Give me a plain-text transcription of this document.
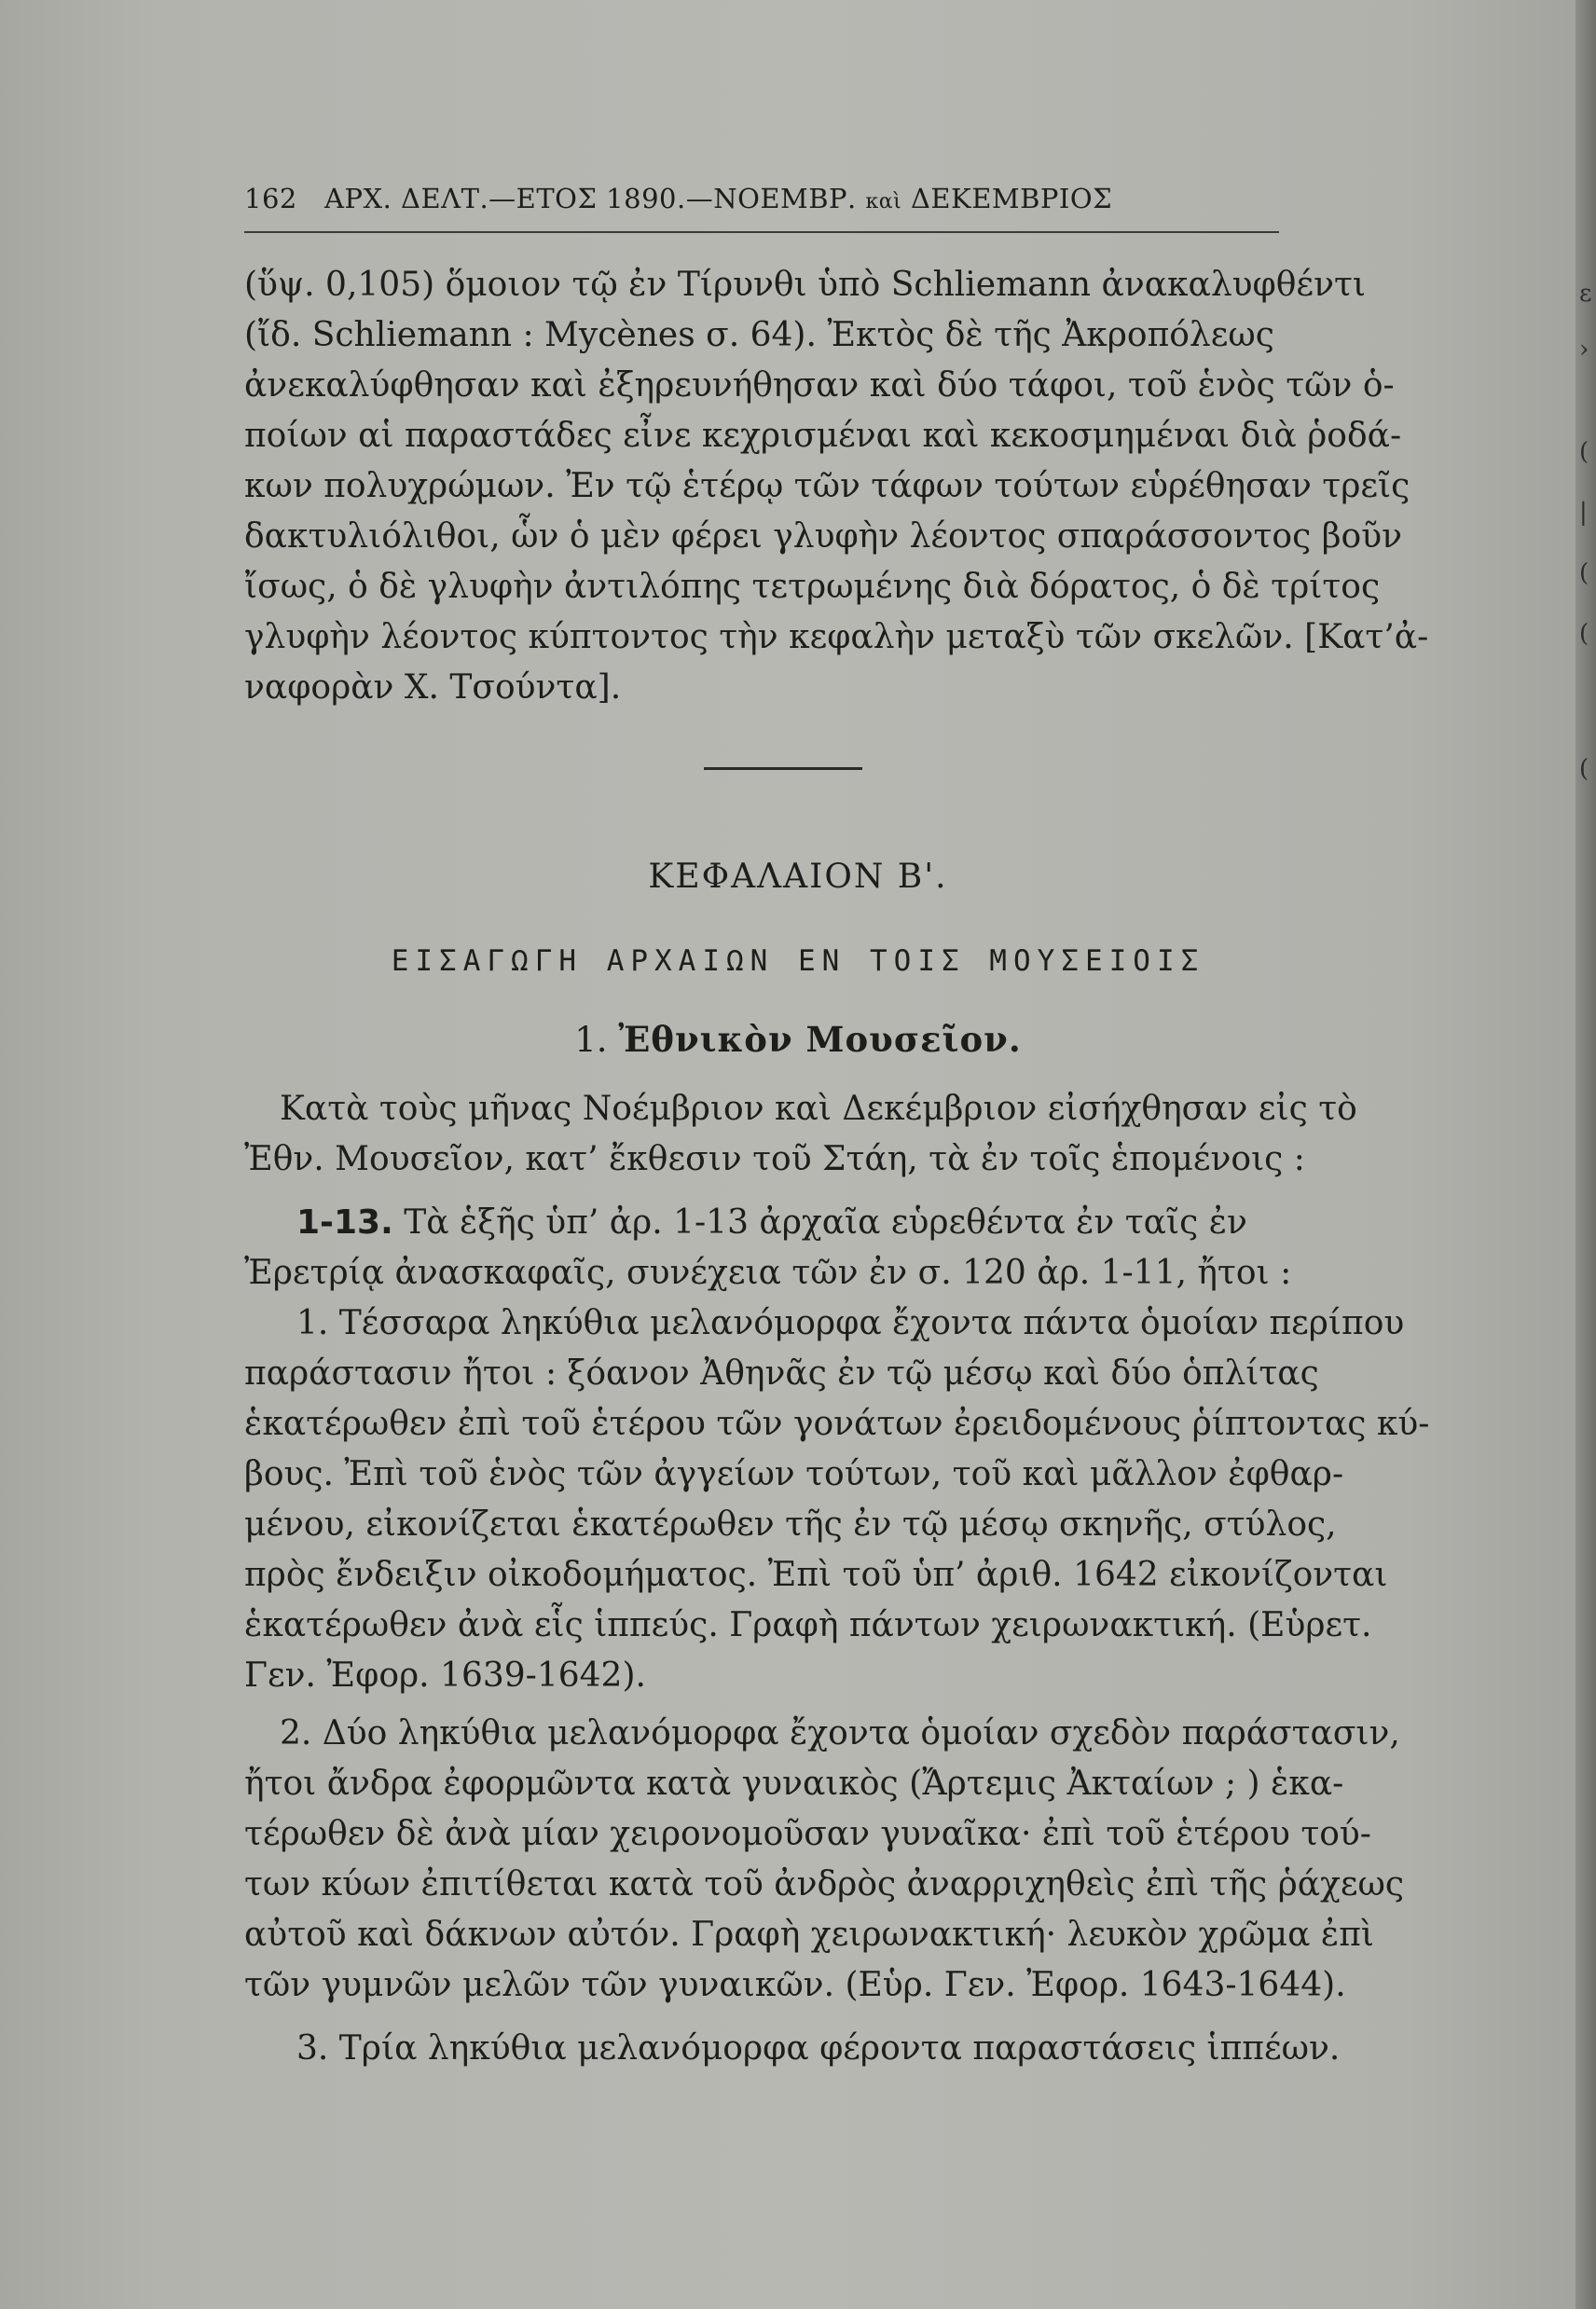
162 ΑΡΧ. ΔΕΛΤ.—ΕΤΟΣ 1890.—ΝΟΕΜΒΡ. καὶ ΔΕΚΕΜΒΡΙΟΣ
(ὕψ. 0,105) ὅμοιον τῷ ἐν Τίρυνθι ὑπὸ Schliemann ἀνακαλυφθέντι
(ἴδ. Schliemann : Mycènes σ. 64). Ἐκτὸς δὲ τῆς Ἀκροπόλεως
ἀνεκαλύφθησαν καὶ ἐξηρευνήθησαν καὶ δύο τάφοι, τοῦ ἑνὸς τῶν ὁ-
ποίων αἱ παραστάδες εἶνε κεχρισμέναι καὶ κεκοσμημέναι διὰ ῥοδά-
κων πολυχρώμων. Ἐν τῷ ἑτέρῳ τῶν τάφων τούτων εὑρέθησαν τρεῖς
δακτυλιόλιθοι, ὧν ὁ μὲν φέρει γλυφὴν λέοντος σπαράσσοντος βοῦν
ἴσως, ὁ δὲ γλυφὴν ἀντιλόπης τετρωμένης διὰ δόρατος, ὁ δὲ τρίτος
γλυφὴν λέοντος κύπτοντος τὴν κεφαλὴν μεταξὺ τῶν σκελῶν. [Κατ’ἀ-
ναφορὰν Χ. Τσούντα].
ΚΕΦΑΛΑΙΟΝ Β'.
ΕΙΣΑΓΩΓΗ ΑΡΧΑΙΩΝ ΕΝ ΤΟΙΣ ΜΟΥΣΕΙΟΙΣ
1. Ἐθνικὸν Μουσεῖον.
Κατὰ τοὺς μῆνας Νοέμβριον καὶ Δεκέμβριον εἰσήχθησαν εἰς τὸ
Ἐθν. Μουσεῖον, κατ’ ἔκθεσιν τοῦ Στάη, τὰ ἐν τοῖς ἑπομένοις :
1-13. Τὰ ἑξῆς ὑπ’ ἀρ. 1-13 ἀρχαῖα εὑρεθέντα ἐν ταῖς ἐν
Ἐρετρίᾳ ἀνασκαφαῖς, συνέχεια τῶν ἐν σ. 120 ἀρ. 1-11, ἤτοι :
1. Τέσσαρα ληκύθια μελανόμορφα ἔχοντα πάντα ὁμοίαν περίπου
παράστασιν ἤτοι : ξόανον Ἀθηνᾶς ἐν τῷ μέσῳ καὶ δύο ὁπλίτας
ἑκατέρωθεν ἐπὶ τοῦ ἑτέρου τῶν γονάτων ἐρειδομένους ῥίπτοντας κύ-
βους. Ἐπὶ τοῦ ἑνὸς τῶν ἀγγείων τούτων, τοῦ καὶ μᾶλλον ἐφθαρ-
μένου, εἰκονίζεται ἑκατέρωθεν τῆς ἐν τῷ μέσῳ σκηνῆς, στύλος,
πρὸς ἔνδειξιν οἰκοδομήματος. Ἐπὶ τοῦ ὑπ’ ἀριθ. 1642 εἰκονίζονται
ἑκατέρωθεν ἀνὰ εἷς ἱππεύς. Γραφὴ πάντων χειρωνακτική. (Εὑρετ.
Γεν. Ἐφορ. 1639-1642).
2. Δύο ληκύθια μελανόμορφα ἔχοντα ὁμοίαν σχεδὸν παράστασιν,
ἤτοι ἄνδρα ἐφορμῶντα κατὰ γυναικὸς (Ἄρτεμις Ἀκταίων ; ) ἑκα-
τέρωθεν δὲ ἀνὰ μίαν χειρονομοῦσαν γυναῖκα· ἐπὶ τοῦ ἑτέρου τού-
των κύων ἐπιτίθεται κατὰ τοῦ ἀνδρὸς ἀναρριχηθεὶς ἐπὶ τῆς ῥάχεως
αὐτοῦ καὶ δάκνων αὐτόν. Γραφὴ χειρωνακτική· λευκὸν χρῶμα ἐπὶ
τῶν γυμνῶν μελῶν τῶν γυναικῶν. (Εὑρ. Γεν. Ἐφορ. 1643-1644).
3. Τρία ληκύθια μελανόμορφα φέροντα παραστάσεις ἱππέων.
ε
›
(
|
(
(
(
